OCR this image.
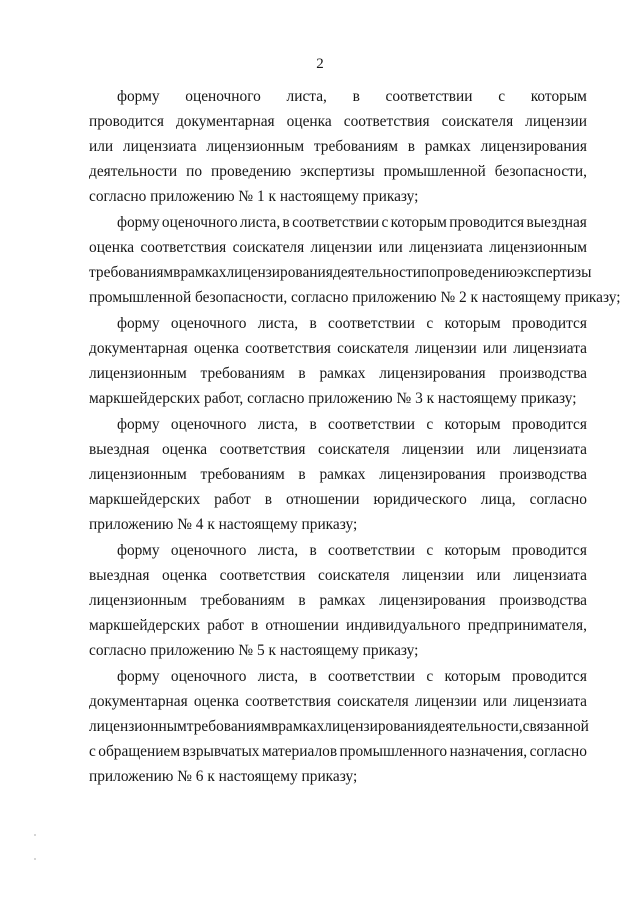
2
форму оценочного листа, в соответствии с которым
проводится документарная оценка соответствия соискателя лицензии
или лицензиата лицензионным требованиям в рамках лицензирования
деятельности по проведению экспертизы промышленной безопасности,
согласно приложению № 1 к настоящему приказу;
форму оценочного листа, в соответствии с которым проводится выездная
оценка соответствия соискателя лицензии или лицензиата лицензионным
требованиям в рамках лицензирования деятельности по проведению экспертизы
промышленной безопасности, согласно приложению № 2 к настоящему приказу;
форму оценочного листа, в соответствии с которым проводится
документарная оценка соответствия соискателя лицензии или лицензиата
лицензионным требованиям в рамках лицензирования производства
маркшейдерских работ, согласно приложению № 3 к настоящему приказу;
форму оценочного листа, в соответствии с которым проводится
выездная оценка соответствия соискателя лицензии или лицензиата
лицензионным требованиям в рамках лицензирования производства
маркшейдерских работ в отношении юридического лица, согласно
приложению № 4 к настоящему приказу;
форму оценочного листа, в соответствии с которым проводится
выездная оценка соответствия соискателя лицензии или лицензиата
лицензионным требованиям в рамках лицензирования производства
маркшейдерских работ в отношении индивидуального предпринимателя,
согласно приложению № 5 к настоящему приказу;
форму оценочного листа, в соответствии с которым проводится
документарная оценка соответствия соискателя лицензии или лицензиата
лицензионным требованиям в рамках лицензирования деятельности, связанной
с обращением взрывчатых материалов промышленного назначения, согласно
приложению № 6 к настоящему приказу;
